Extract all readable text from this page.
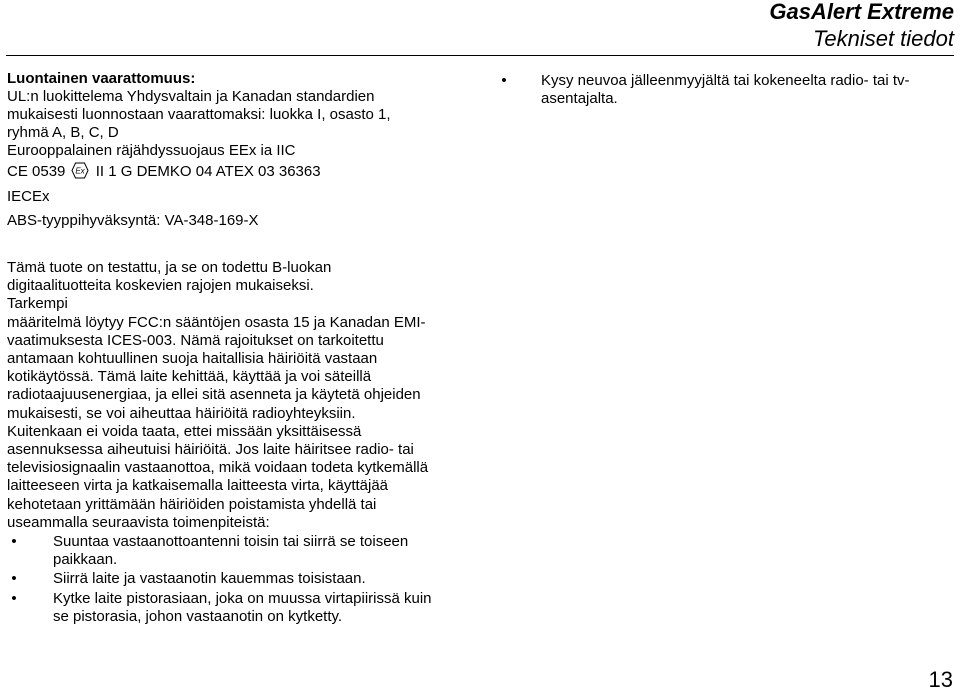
GasAlert Extreme
Tekniset tiedot
Luontainen vaarattomuus:
UL:n luokittelema Yhdysvaltain ja Kanadan standardien
mukaisesti luonnostaan vaarattomaksi: luokka I, osasto 1,
ryhmä A, B, C, D
Eurooppalainen räjähdyssuojaus EEx ia IIC
CE 0539 Ex II 1 G DEMKO 04 ATEX 03 36363
IECEx
ABS-tyyppihyväksyntä: VA-348-169-X
• Kysy neuvoa jälleenmyyjältä tai kokeneelta radio- tai tv-
asentajalta.
Tämä tuote on testattu, ja se on todettu B-luokan
digitaalituotteita koskevien rajojen mukaiseksi.
Tarkempi
määritelmä löytyy FCC:n sääntöjen osasta 15 ja Kanadan EMI-
vaatimuksesta ICES-003. Nämä rajoitukset on tarkoitettu
antamaan kohtuullinen suoja haitallisia häiriöitä vastaan
kotikäytössä. Tämä laite kehittää, käyttää ja voi säteillä
radiotaajuusenergiaa, ja ellei sitä asenneta ja käytetä ohjeiden
mukaisesti, se voi aiheuttaa häiriöitä radioyhteyksiin.
Kuitenkaan ei voida taata, ettei missään yksittäisessä
asennuksessa aiheutuisi häiriöitä. Jos laite häiritsee radio- tai
televisiosignaalin vastaanottoa, mikä voidaan todeta kytkemällä
laitteeseen virta ja katkaisemalla laitteesta virta, käyttäjää
kehotetaan yrittämään häiriöiden poistamista yhdellä tai
useammalla seuraavista toimenpiteistä:
• Suuntaa vastaanottoantenni toisin tai siirrä se toiseen
paikkaan.
• Siirrä laite ja vastaanotin kauemmas toisistaan.
• Kytke laite pistorasiaan, joka on muussa virtapiirissä kuin
se pistorasia, johon vastaanotin on kytketty.
13
